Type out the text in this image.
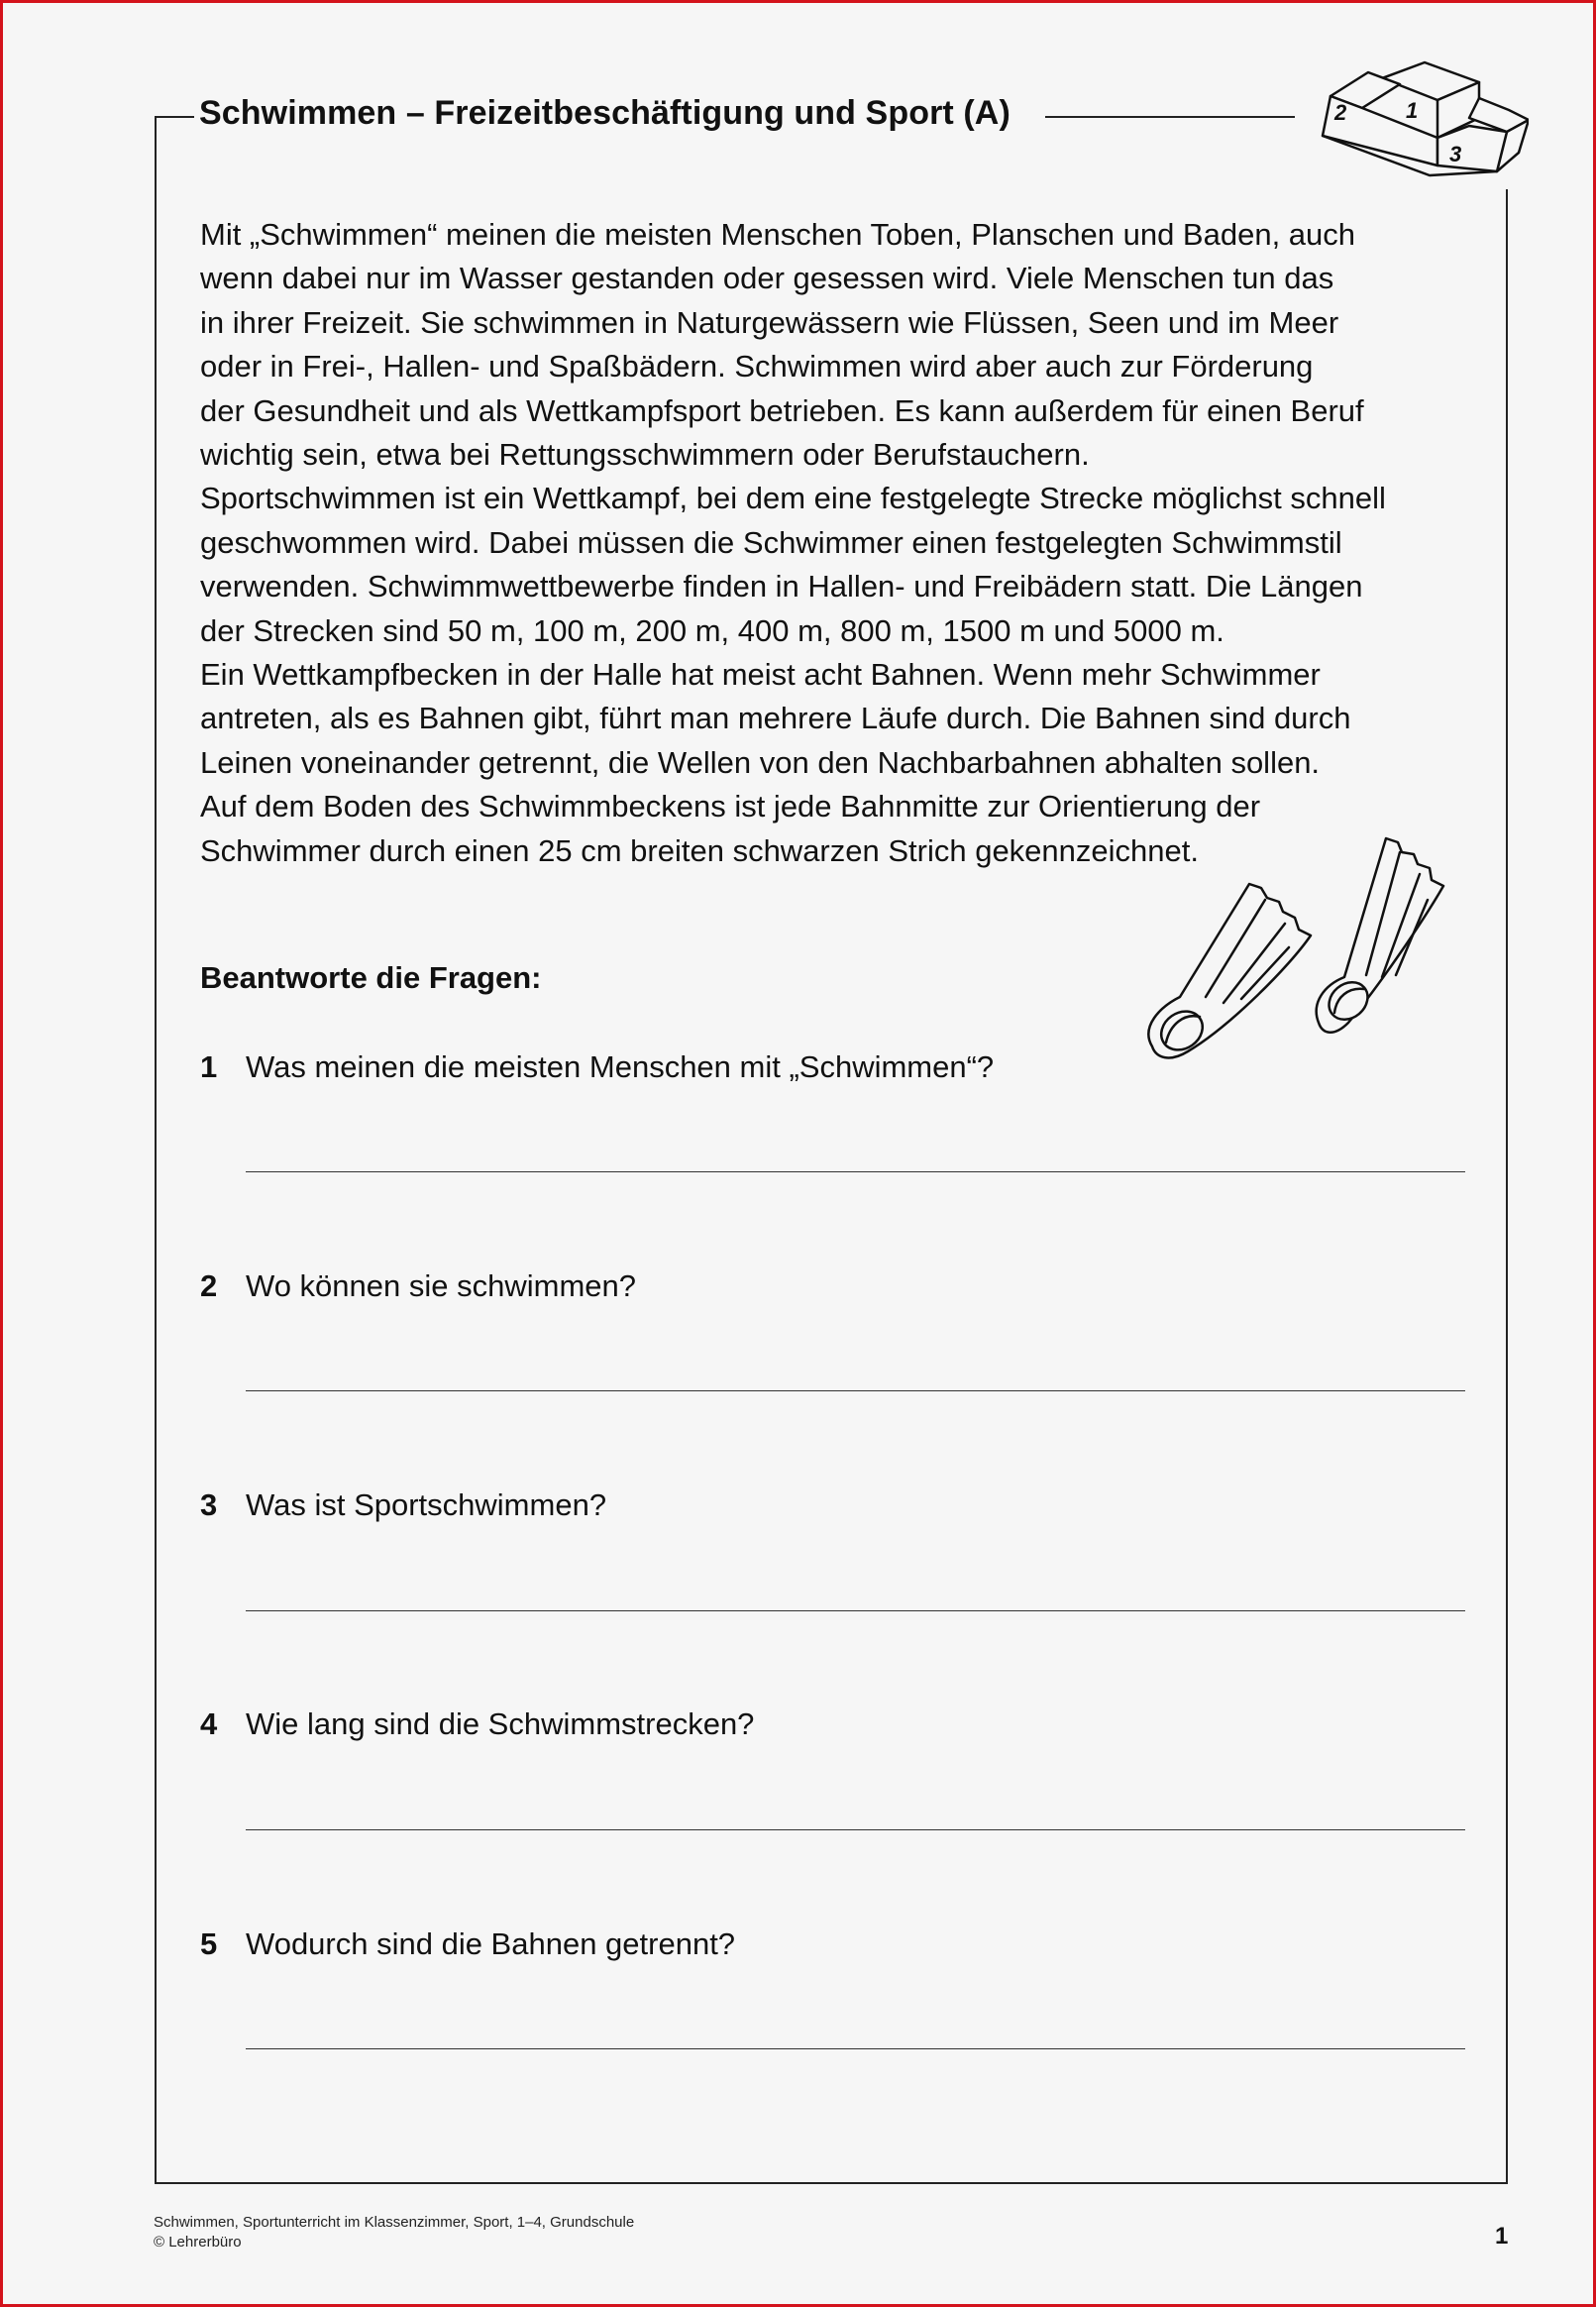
Schwimmen – Freizeitbeschäftigung und Sport (A)	2	1
3
Mit „Schwimmen“ meinen die meisten Menschen Toben, Planschen und Baden, auch
wenn dabei nur im Wasser gestanden oder gesessen wird. Viele Menschen tun das
in ihrer Freizeit. Sie schwimmen in Naturgewässern wie Flüssen, Seen und im Meer
oder in Frei-, Hallen- und Spaßbädern. Schwimmen wird aber auch zur Förderung
der Gesundheit und als Wettkampfsport betrieben. Es kann außerdem für einen Beruf
wichtig sein, etwa bei Rettungsschwimmern oder Berufstauchern.
Sportschwimmen ist ein Wettkampf, bei dem eine festgelegte Strecke möglichst schnell
geschwommen wird. Dabei müssen die Schwimmer einen festgelegten Schwimmstil
verwenden. Schwimmwettbewerbe finden in Hallen- und Freibädern statt. Die Längen
der Strecken sind 50 m, 100 m, 200 m, 400 m, 800 m, 1500 m und 5000 m.
Ein Wettkampfbecken in der Halle hat meist acht Bahnen. Wenn mehr Schwimmer
antreten, als es Bahnen gibt, führt man mehrere Läufe durch. Die Bahnen sind durch
Leinen voneinander getrennt, die Wellen von den Nachbarbahnen abhalten sollen.
Auf dem Boden des Schwimmbeckens ist jede Bahnmitte zur Orientierung der
Schwimmer durch einen 25 cm breiten schwarzen Strich gekennzeichnet.
Beantworte die Fragen:
1 Was meinen die meisten Menschen mit „Schwimmen“?
2 Wo können sie schwimmen?
3 Was ist Sportschwimmen?
4 Wie lang sind die Schwimmstrecken?
5 Wodurch sind die Bahnen getrennt?
Schwimmen, Sportunterricht im Klassenzimmer, Sport, 1–4, Grundschule
© Lehrerbüro	1
